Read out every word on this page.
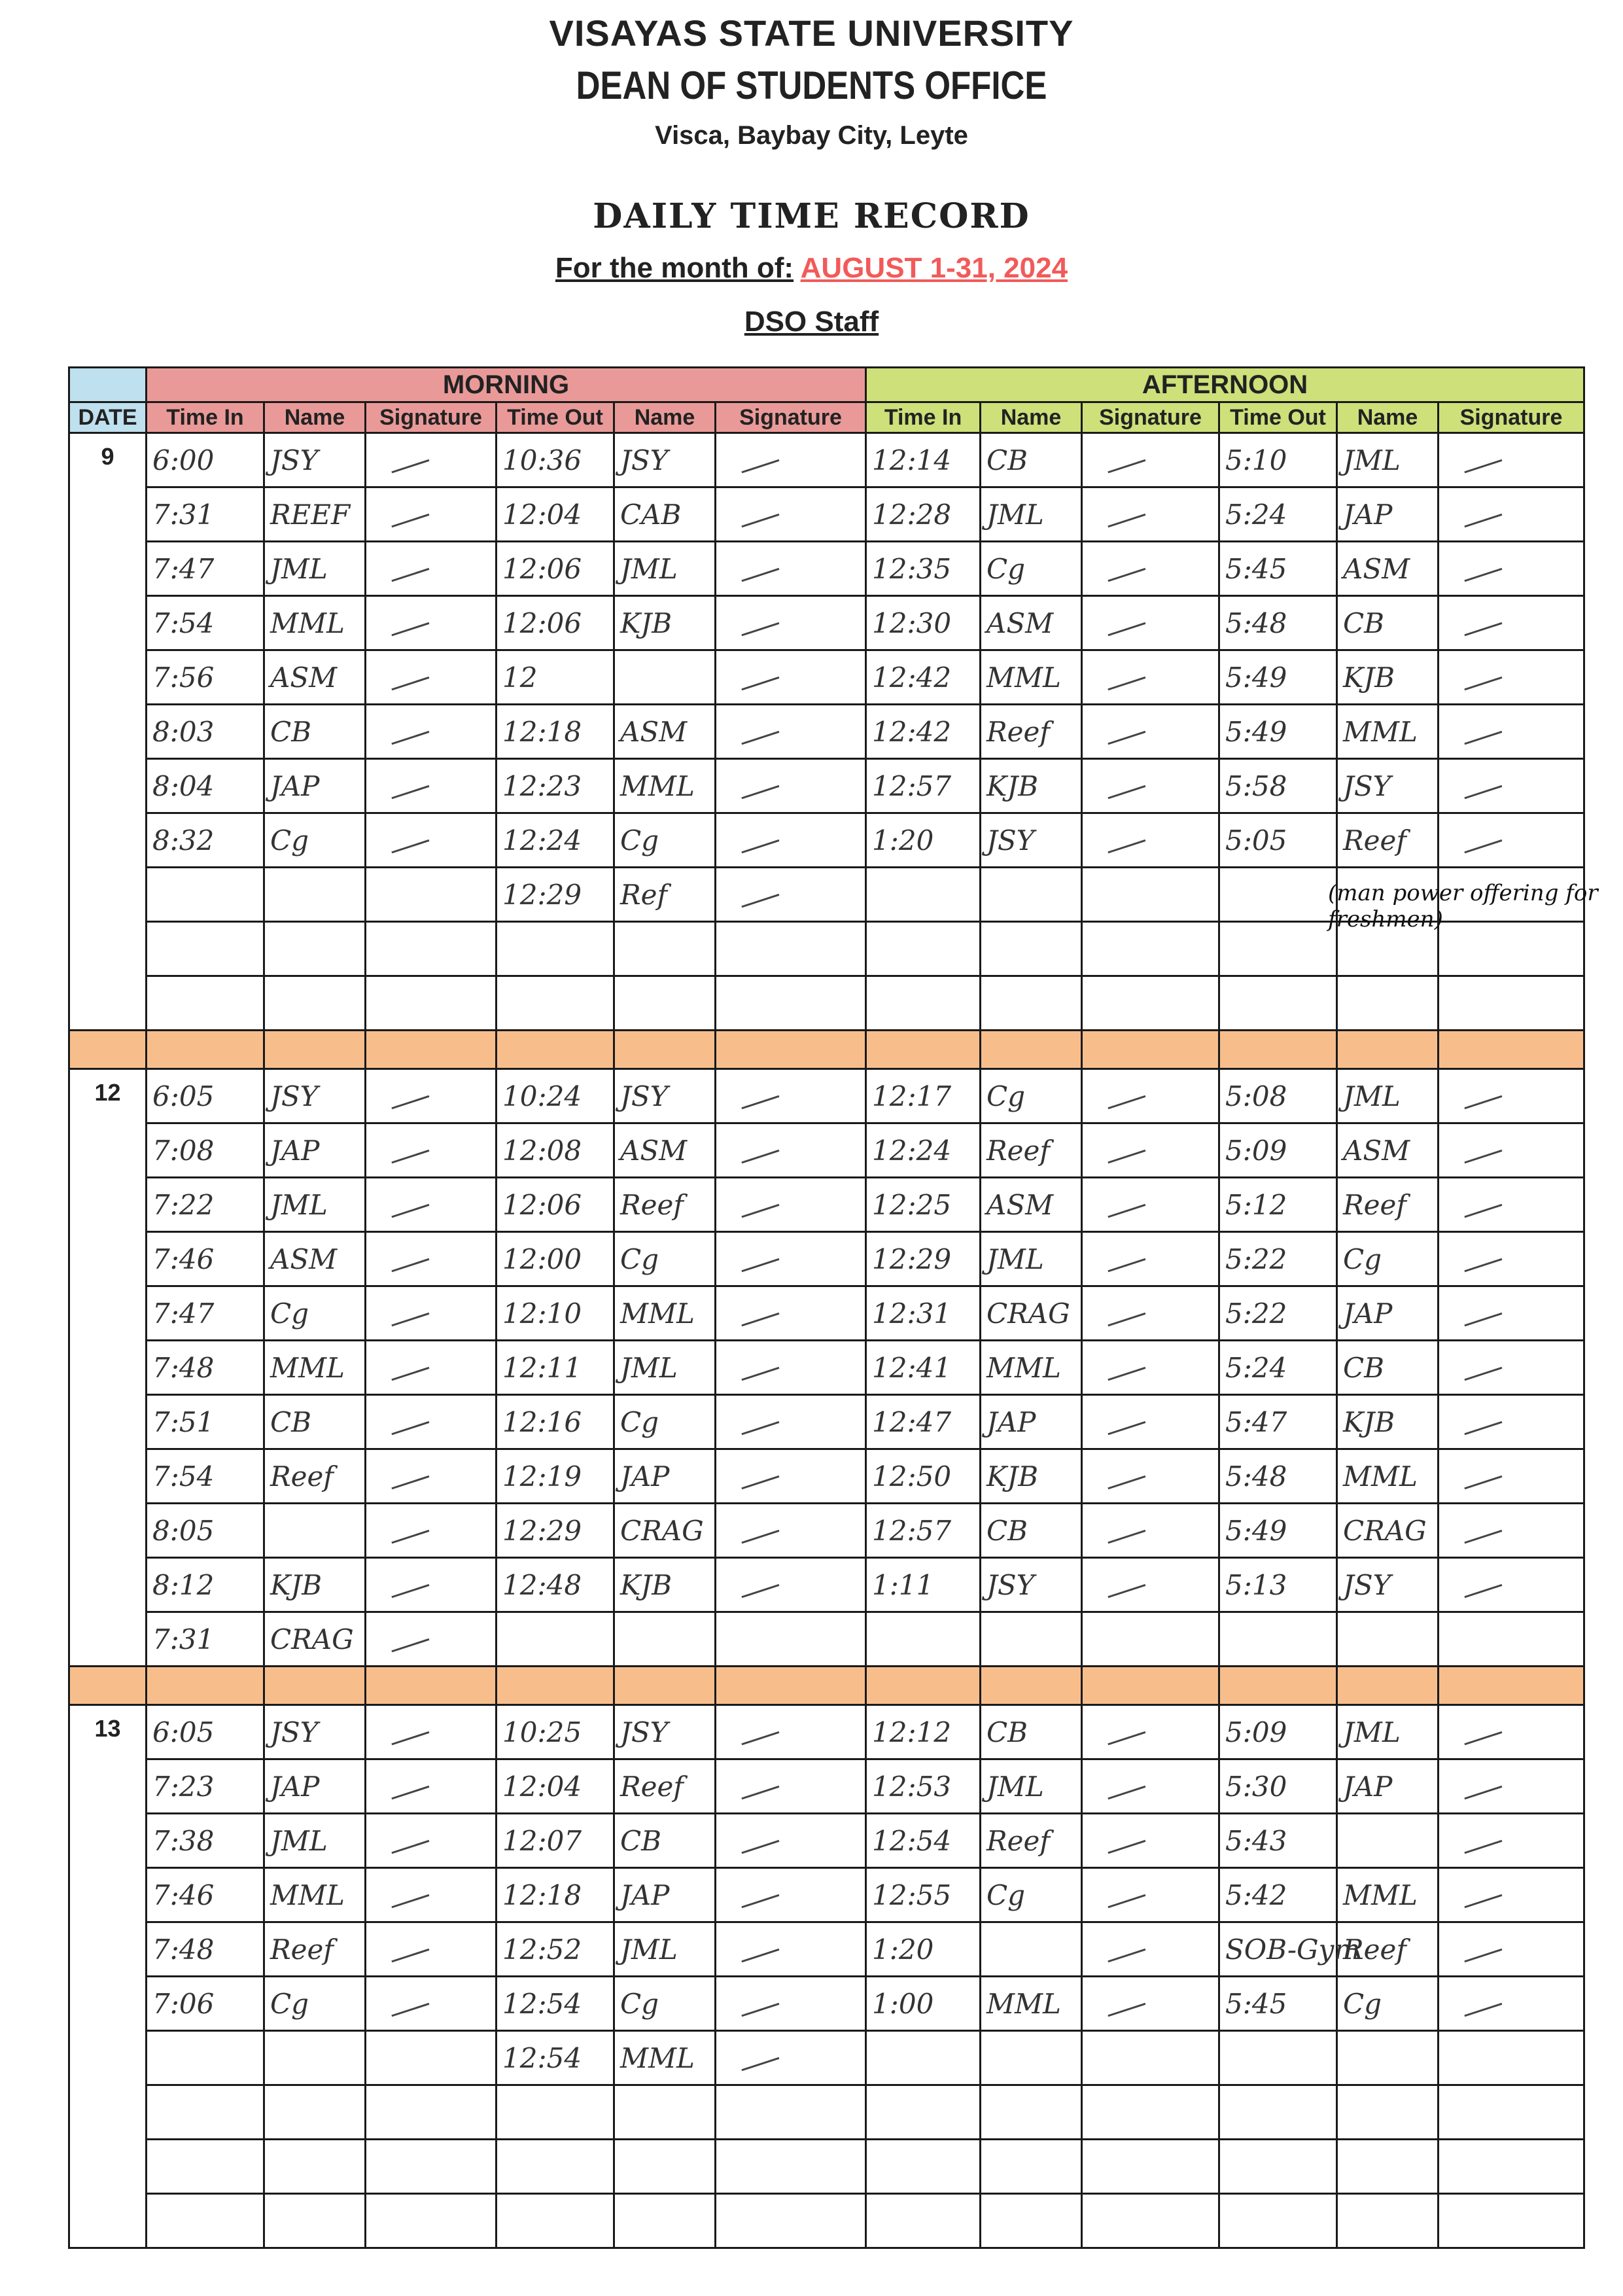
VISAYAS STATE UNIVERSITY
DEAN OF STUDENTS OFFICE
Visca, Baybay City, Leyte
DAILY TIME RECORD
For the month of: AUGUST 1-31, 2024
DSO Staff
	MORNING						AFTERNOON					
DATE	Time In	Name	Signature	Time Out	Name	Signature	Time In	Name	Signature	Time Out	Name	Signature
9	6:00	JSY		10:36	JSY		12:14	CB		5:10	JML	
	7:31	REEF		12:04	CAB		12:28	JML		5:24	JAP	
	7:47	JML		12:06	JML		12:35	Cg		5:45	ASM	
	7:54	MML		12:06	KJB		12:30	ASM		5:48	CB	
	7:56	ASM		12			12:42	MML		5:49	KJB	
	8:03	CB		12:18	ASM		12:42	Reef		5:49	MML	
	8:04	JAP		12:23	MML		12:57	KJB		5:58	JSY	
	8:32	Cg		12:24	Cg		1:20	JSY		5:05	Reef	
				12:29	Ref							

12	6:05	JSY		10:24	JSY		12:17	Cg		5:08	JML	
	7:08	JAP		12:08	ASM		12:24	Reef		5:09	ASM	
	7:22	JML		12:06	Reef		12:25	ASM		5:12	Reef	
	7:46	ASM		12:00	Cg		12:29	JML		5:22	Cg	
	7:47	Cg		12:10	MML		12:31	CRAG		5:22	JAP	
	7:48	MML		12:11	JML		12:41	MML		5:24	CB	
	7:51	CB		12:16	Cg		12:47	JAP		5:47	KJB	
	7:54	Reef		12:19	JAP		12:50	KJB		5:48	MML	
	8:05			12:29	CRAG		12:57	CB		5:49	CRAG	
	8:12	KJB		12:48	KJB		1:11	JSY		5:13	JSY	
	7:31	CRAG										

13	6:05	JSY		10:25	JSY		12:12	CB		5:09	JML	
	7:23	JAP		12:04	Reef		12:53	JML		5:30	JAP	
	7:38	JML		12:07	CB		12:54	Reef		5:43		
	7:46	MML		12:18	JAP		12:55	Cg		5:42	MML	
	7:48	Reef		12:52	JML		1:20			SOB-Gym	Reef	
	7:06	Cg		12:54	Cg		1:00	MML		5:45	Cg	
				12:54	MML							

(man power offering for freshmen)
